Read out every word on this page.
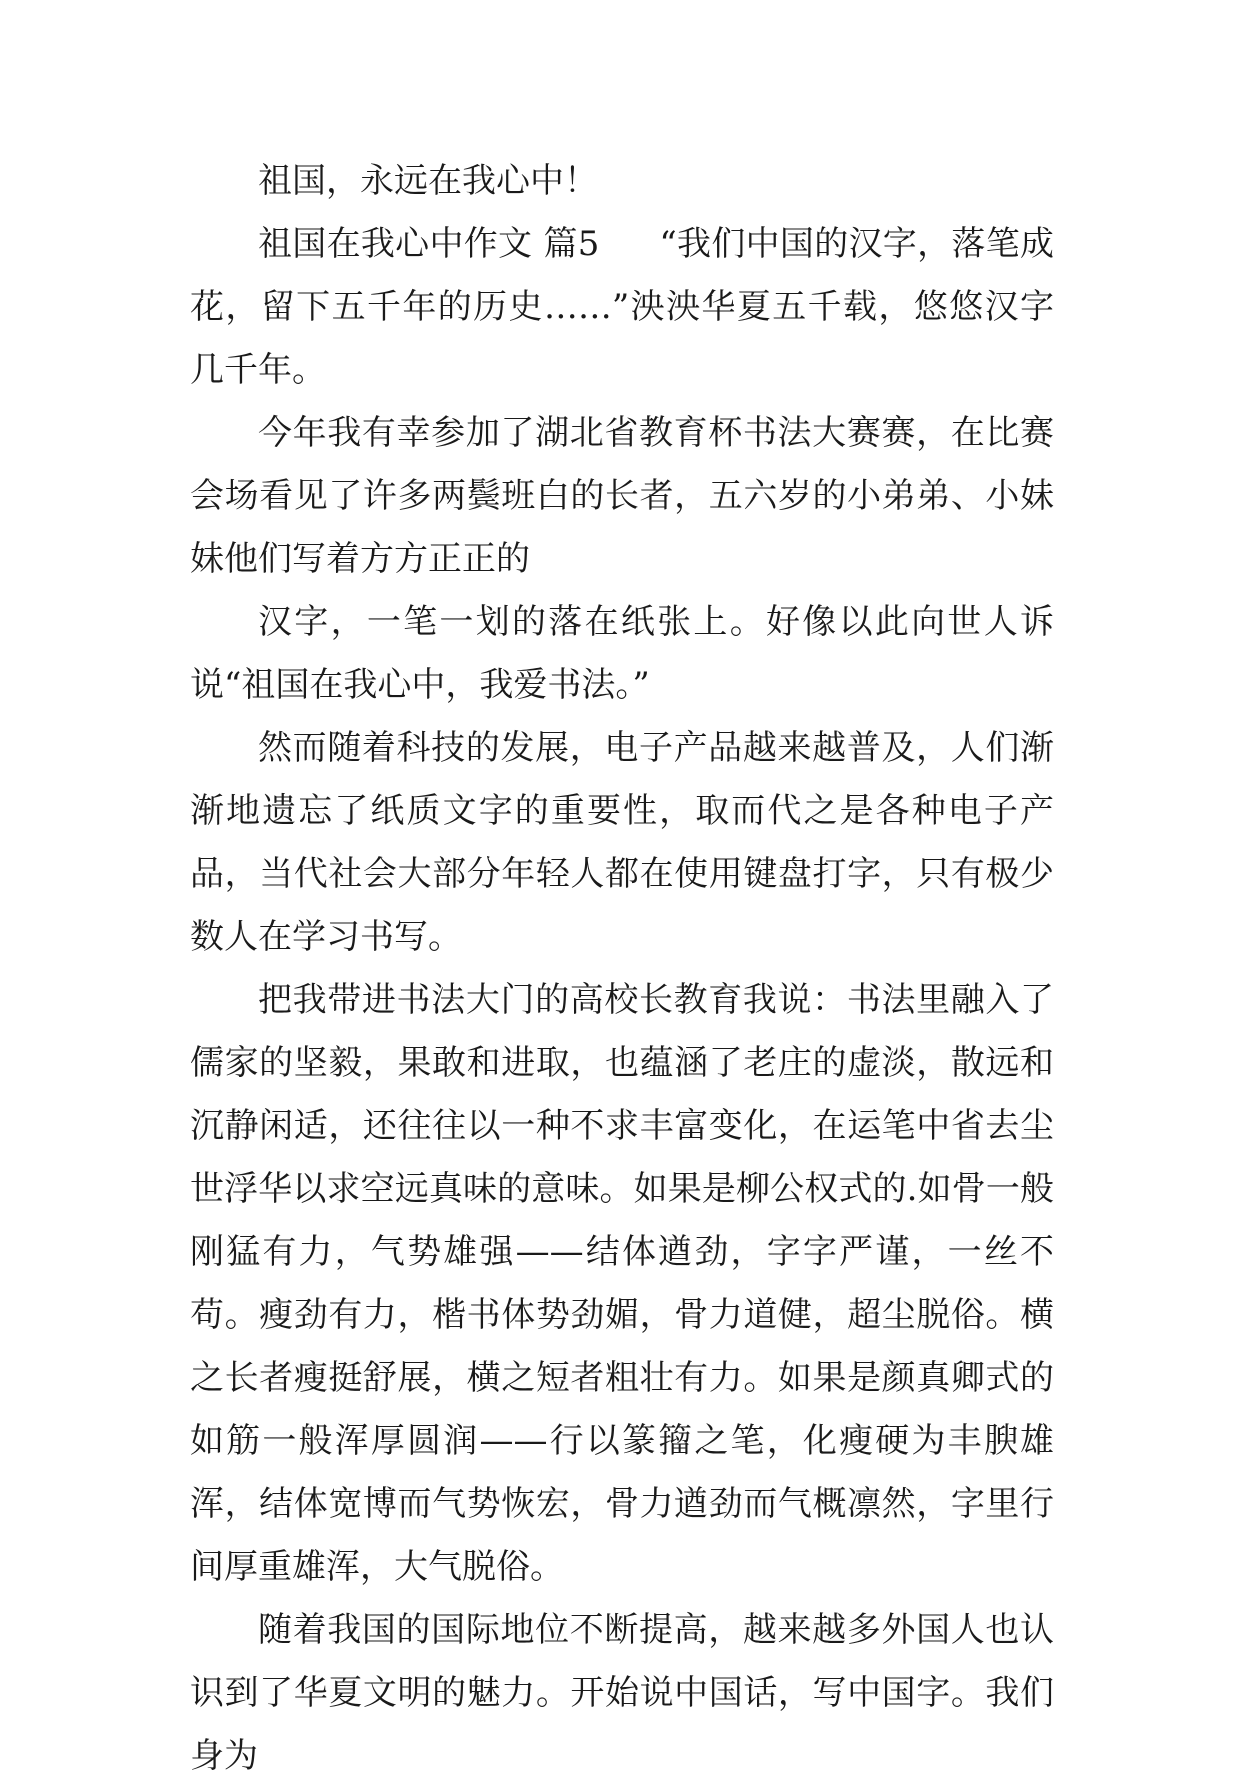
祖国，永远在我心中！

祖国在我心中作文 篇5 “我们中国的汉字，落笔成花，留下五千年的历史……”泱泱华夏五千载，悠悠汉字几千年。

今年我有幸参加了湖北省教育杯书法大赛赛，在比赛会场看见了许多两鬓班白的长者，五六岁的小弟弟、小妹妹他们写着方方正正的

汉字，一笔一划的落在纸张上。好像以此向世人诉说“祖国在我心中，我爱书法。”

然而随着科技的发展，电子产品越来越普及，人们渐渐地遗忘了纸质文字的重要性，取而代之是各种电子产品，当代社会大部分年轻人都在使用键盘打字，只有极少数人在学习书写。

把我带进书法大门的高校长教育我说：书法里融入了儒家的坚毅，果敢和进取，也蕴涵了老庄的虚淡，散远和沉静闲适，还往往以一种不求丰富变化，在运笔中省去尘世浮华以求空远真味的意味。如果是柳公权式的.如骨一般刚猛有力，气势雄强——结体遒劲，字字严谨，一丝不苟。瘦劲有力，楷书体势劲媚，骨力道健，超尘脱俗。横之长者瘦挺舒展，横之短者粗壮有力。如果是颜真卿式的如筋一般浑厚圆润——行以篆籀之笔，化瘦硬为丰腴雄浑，结体宽博而气势恢宏，骨力遒劲而气概凛然，字里行间厚重雄浑，大气脱俗。

随着我国的国际地位不断提高，越来越多外国人也认识到了华夏文明的魅力。开始说中国话，写中国字。我们身为
